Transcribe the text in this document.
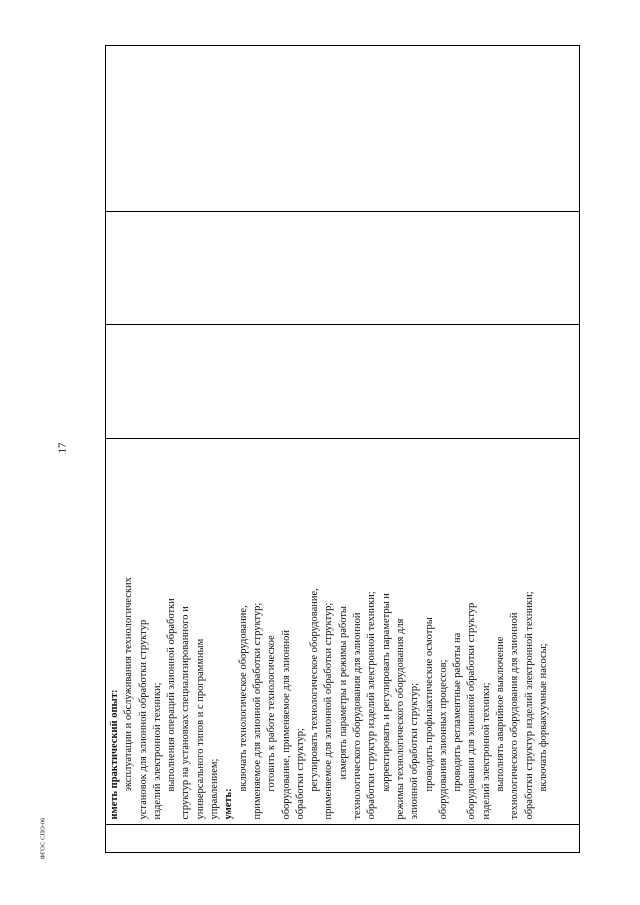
17
ФГОС СПО-06

иметь практический опыт: эксплуатации и обслуживания технологических установок для элионной обработки структур изделий электронной техники; выполнения операций элионной обработки структур на установках специализированного и универсального типов и с программным управлением; уметь:
включать технологическое оборудование, применяемое для элионной обработки структур; готовить к работе технологическое оборудование, применяемое для элионной обработки структур; регулировать технологическое оборудование, применяемое для элионной обработки структур; измерять параметры и режимы работы технологического оборудования для элионной обработки структур изделий электронной техники; корректировать и регулировать параметры и режимы технологического оборудования для элионной обработки структур; проводить профилактические осмотры оборудования элионных процессов; проводить регламентные работы на оборудовании для элионной обработки структур изделий электронной техники; выполнять аварийное выключение технологического оборудования для элионной обработки структур изделий электронной техники; включать форвакуумные насосы;
